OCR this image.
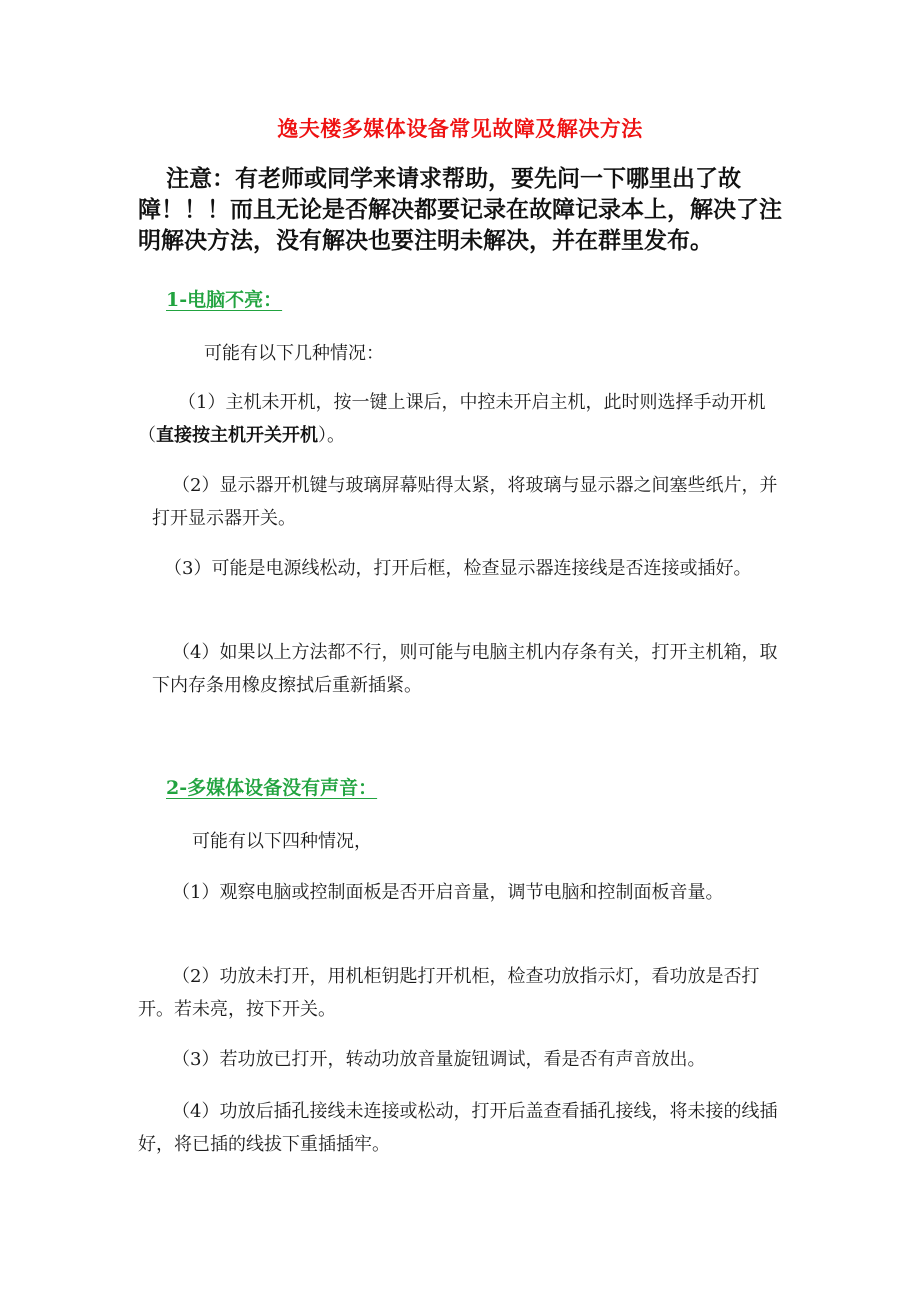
逸夫楼多媒体设备常见故障及解决方法

注意：有老师或同学来请求帮助，要先问一下哪里出了故障！！！而且无论是否解决都要记录在故障记录本上，解决了注明解决方法，没有解决也要注明未解决，并在群里发布。

1-电脑不亮：

可能有以下几种情况：

（1）主机未开机，按一键上课后，中控未开启主机，此时则选择手动开机（直接按主机开关开机）。

（2）显示器开机键与玻璃屏幕贴得太紧，将玻璃与显示器之间塞些纸片，并打开显示器开关。

（3）可能是电源线松动，打开后框，检查显示器连接线是否连接或插好。

（4）如果以上方法都不行，则可能与电脑主机内存条有关，打开主机箱，取下内存条用橡皮擦拭后重新插紧。

2-多媒体设备没有声音：

可能有以下四种情况，

（1）观察电脑或控制面板是否开启音量，调节电脑和控制面板音量。

（2）功放未打开，用机柜钥匙打开机柜，检查功放指示灯，看功放是否打开。若未亮，按下开关。

（3）若功放已打开，转动功放音量旋钮调试，看是否有声音放出。

（4）功放后插孔接线未连接或松动，打开后盖查看插孔接线，将未接的线插好，将已插的线拔下重插插牢。
